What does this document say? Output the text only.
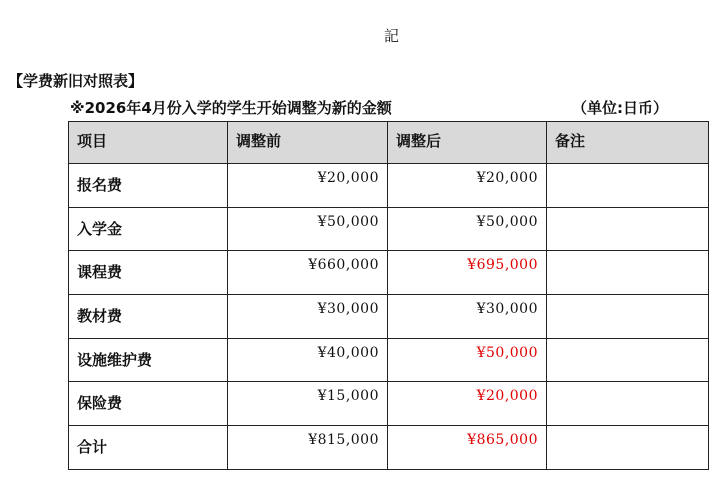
記
【学费新旧对照表】
※2026年4月份入学的学生开始调整为新的金额	（单位:日币）
项目	调整前	调整后	备注
报名费	¥20,000	¥20,000	
入学金	¥50,000	¥50,000	
课程费	¥660,000	¥695,000	
教材费	¥30,000	¥30,000	
设施维护费	¥40,000	¥50,000	
保险费	¥15,000	¥20,000	
合计	¥815,000	¥865,000	
